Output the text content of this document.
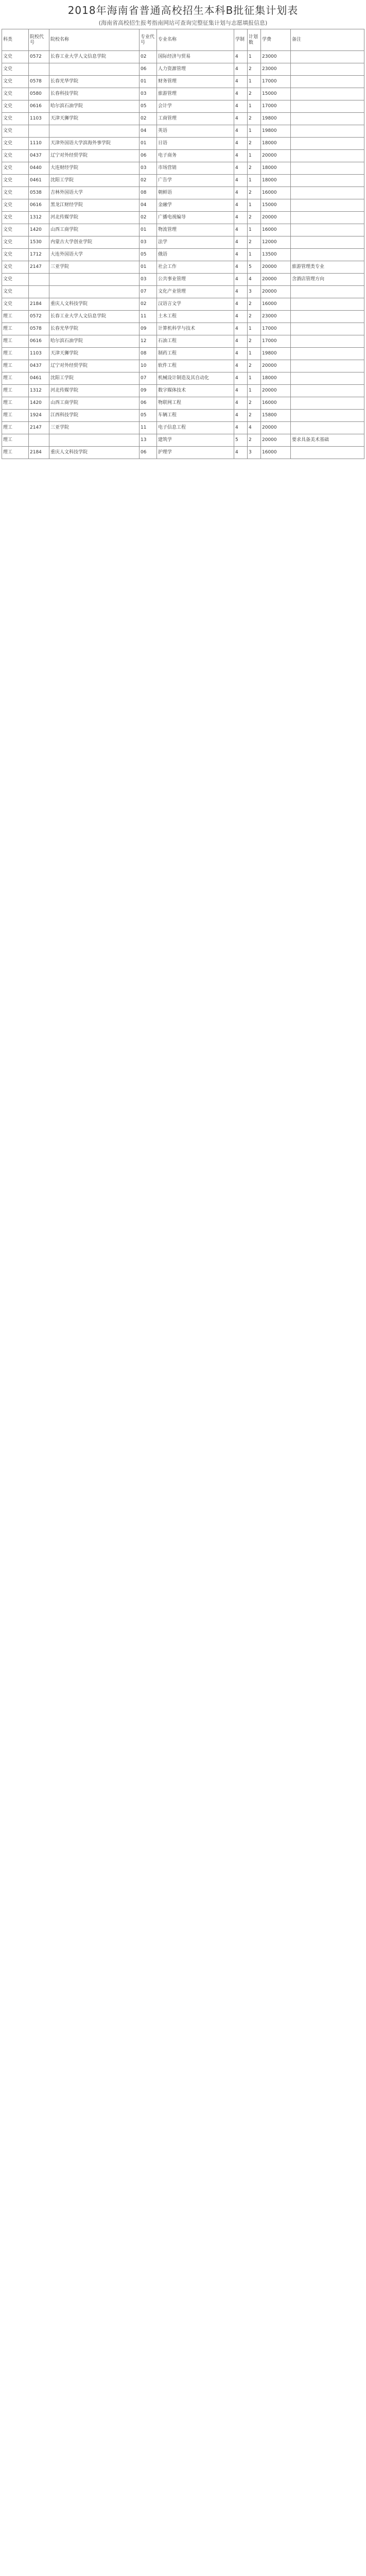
2018年海南省普通高校招生本科B批征集计划表
(海南省高校招生报考指南网站可查询完整征集计划与志愿填报信息)
科类	院校代号	院校名称	专业代号	专业名称	学制	计划数	学费	备注
文史	0572	长春工业大学人文信息学院	02	国际经济与贸易	4	1	23000	
文史			06	人力资源管理	4	2	23000	
文史	0578	长春光华学院	01	财务管理	4	1	17000	
文史	0580	长春科技学院	03	旅游管理	4	2	15000	
文史	0616	哈尔滨石油学院	05	会计学	4	1	17000	
文史	1103	天津天狮学院	02	工商管理	4	2	19800	
文史			04	英语	4	1	19800	
文史	1110	天津外国语大学滨海外事学院	01	日语	4	2	18000	
文史	0437	辽宁对外经贸学院	06	电子商务	4	1	20000	
文史	0440	大连财经学院	03	市场营销	4	2	18000	
文史	0461	沈阳工学院	02	广告学	4	1	18000	
文史	0538	吉林外国语大学	08	朝鲜语	4	2	16000	
文史	0616	黑龙江财经学院	04	金融学	4	1	15000	
文史	1312	河北传媒学院	02	广播电视编导	4	2	20000	
文史	1420	山西工商学院	01	物流管理	4	1	16000	
文史	1530	内蒙古大学创业学院	03	法学	4	2	12000	
文史	1712	大连外国语大学	05	俄语	4	1	13500	
文史	2147	三亚学院	01	社会工作	4	5	20000	旅游管理类专业
文史			03	公共事业管理	4	4	20000	含酒店管理方向
文史			07	文化产业管理	4	3	20000	
文史	2184	重庆人文科技学院	02	汉语言文学	4	2	16000	
理工	0572	长春工业大学人文信息学院	11	土木工程	4	2	23000	
理工	0578	长春光华学院	09	计算机科学与技术	4	1	17000	
理工	0616	哈尔滨石油学院	12	石油工程	4	2	17000	
理工	1103	天津天狮学院	08	制药工程	4	1	19800	
理工	0437	辽宁对外经贸学院	10	软件工程	4	2	20000	
理工	0461	沈阳工学院	07	机械设计制造及其自动化	4	1	18000	
理工	1312	河北传媒学院	09	数字媒体技术	4	1	20000	
理工	1420	山西工商学院	06	物联网工程	4	2	16000	
理工	1924	江西科技学院	05	车辆工程	4	2	15800	
理工	2147	三亚学院	11	电子信息工程	4	4	20000	
理工			13	建筑学	5	2	20000	要求具备美术基础
理工	2184	重庆人文科技学院	06	护理学	4	3	16000	
